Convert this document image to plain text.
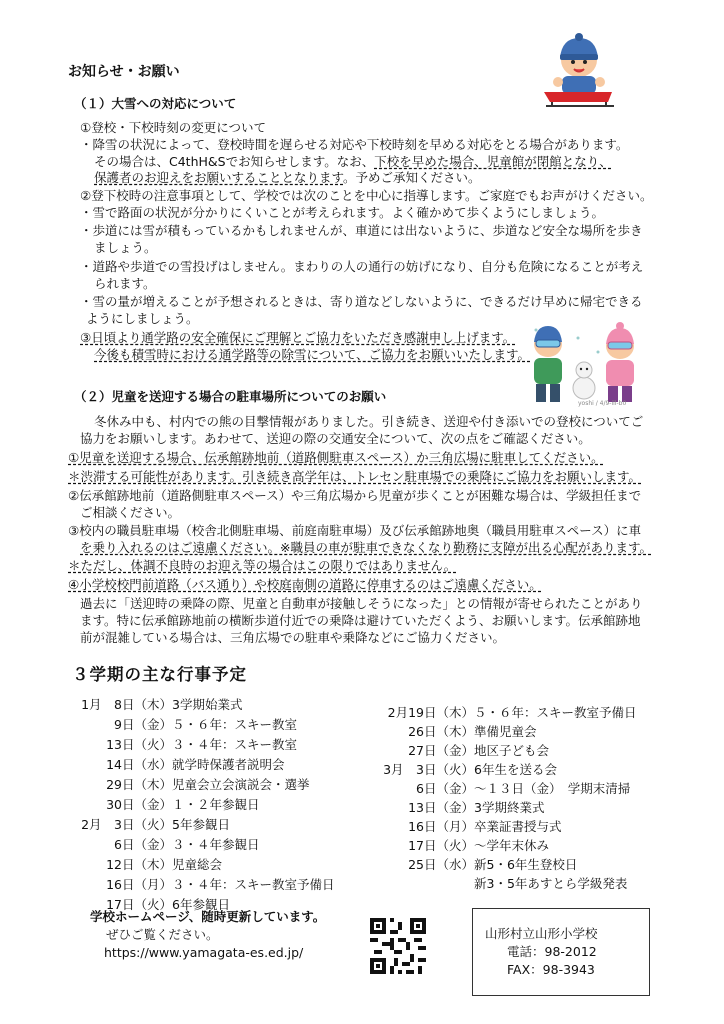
お知らせ・お願い
（１）大雪への対応について
①登校・下校時刻の変更について
・降雪の状況によって、登校時間を遅らせる対応や下校時刻を早める対応をとる場合があります。
その場合は、C4thH&Sでお知らせします。なお、下校を早めた場合、児童館が閉館となり、
保護者のお迎えをお願いすることとなります。予めご承知ください。
②登下校時の注意事項として、学校では次のことを中心に指導します。ご家庭でもお声がけください。
・雪で路面の状況が分かりにくいことが考えられます。よく確かめて歩くようにしましょう。
・歩道には雪が積もっているかもしれませんが、車道には出ないように、歩道など安全な場所を歩き
ましょう。
・道路や歩道での雪投げはしません。まわりの人の通行の妨げになり、自分も危険になることが考え
られます。
・雪の量が増えることが予想されるときは、寄り道などしないように、できるだけ早めに帰宅できる
ようにしましょう。
③日頃より通学路の安全確保にご理解とご協力をいただき感謝申し上げます。
今後も積雪時における通学路等の除雪について、ご協力をお願いいたします。
（２）児童を送迎する場合の駐車場所についてのお願い
冬休み中も、村内での熊の目撃情報がありました。引き続き、送迎や付き添いでの登校についてご
協力をお願いします。あわせて、送迎の際の交通安全について、次の点をご確認ください。
①児童を送迎する場合、伝承館跡地前（道路側駐車スペース）か三角広場に駐車してください。
＊渋滞する可能性があります。引き続き高学年は、トレセン駐車場での乗降にご協力をお願いします。
②伝承館跡地前（道路側駐車スペース）や三角広場から児童が歩くことが困難な場合は、学級担任まで
ご相談ください。
③校内の職員駐車場（校舎北側駐車場、前庭南駐車場）及び伝承館跡地奥（職員用駐車スペース）に車
を乗り入れるのはご遠慮ください。※職員の車が駐車できなくなり勤務に支障が出る心配があります。
＊ただし、体調不良時のお迎え等の場合はこの限りではありません。
④小学校校門前道路（バス通り）や校庭南側の道路に停車するのはご遠慮ください。
過去に「送迎時の乗降の際、児童と自動車が接触しそうになった」との情報が寄せられたことがあり
ます。特に伝承館跡地前の横断歩道付近での乗降は避けていただくよう、お願いします。伝承館跡地
前が混雑している場合は、三角広場での駐車や乗降などにご協力ください。
yoshi / 4/9-ill-b0
３学期の主な行事予定
1月　8日（木）3学期始業式
9日（金）５・６年：スキー教室
13日（火）３・４年：スキー教室
14日（水）就学時保護者説明会
29日（木）児童会立会演説会・選挙
30日（金）１・２年参観日
2月　3日（火）5年参観日
6日（金）３・４年参観日
12日（木）児童総会
16日（月）３・４年：スキー教室予備日
17日（火）6年参観日
2月19日（木）５・６年：スキー教室予備日
26日（木）準備児童会
27日（金）地区子ども会
3月　3日（火）6年生を送る会
6日（金）～１３日（金）　学期末清掃
13日（金）3学期終業式
16日（月）卒業証書授与式
17日（火）～学年末休み
25日（水）新5・6年生登校日
新3・5年あすとら学級発表
学校ホームページ、随時更新しています。
ぜひご覧ください。
https://www.yamagata-es.ed.jp/
山形村立山形小学校
電話：98-2012
FAX：98-3943
